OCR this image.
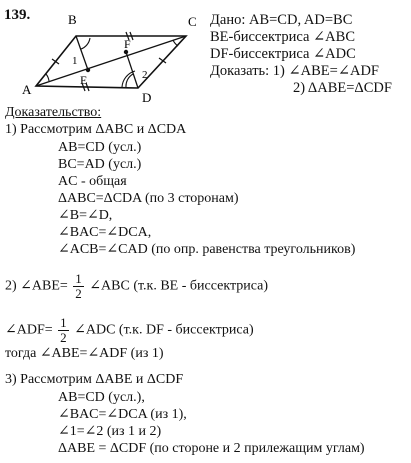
139.
A
B	C
D
E
F
1
2
Дано: AB=CD, AD=BC
BE-биссектриса ∠ABC
DF-биссектриса ∠ADC
Доказать: 1) ∠ABE=∠ADF
2) ΔABE=ΔCDF
Доказательство:
1) Рассмотрим ΔABC и ΔCDA
AB=CD (усл.)
BC=AD (усл.)
AC - общая
ΔABC=ΔCDA (по 3 сторонам)
∠B=∠D,
∠BAC=∠DCA,
∠ACB=∠CAD (по опр. равенства треугольников)
2) ∠ABE= $\frac{1}{2}$ ∠ABC (т.к. BE - биссектриса)
∠ADF= $\frac{1}{2}$ ∠ADC (т.к. DF - биссектриса)
тогда ∠ABE=∠ADF (из 1)
3) Рассмотрим ΔABE и ΔCDF
AB=CD (усл.),
∠BAC=∠DCA (из 1),
∠1=∠2 (из 1 и 2)
ΔABE = ΔCDF (по стороне и 2 прилежащим углам)
